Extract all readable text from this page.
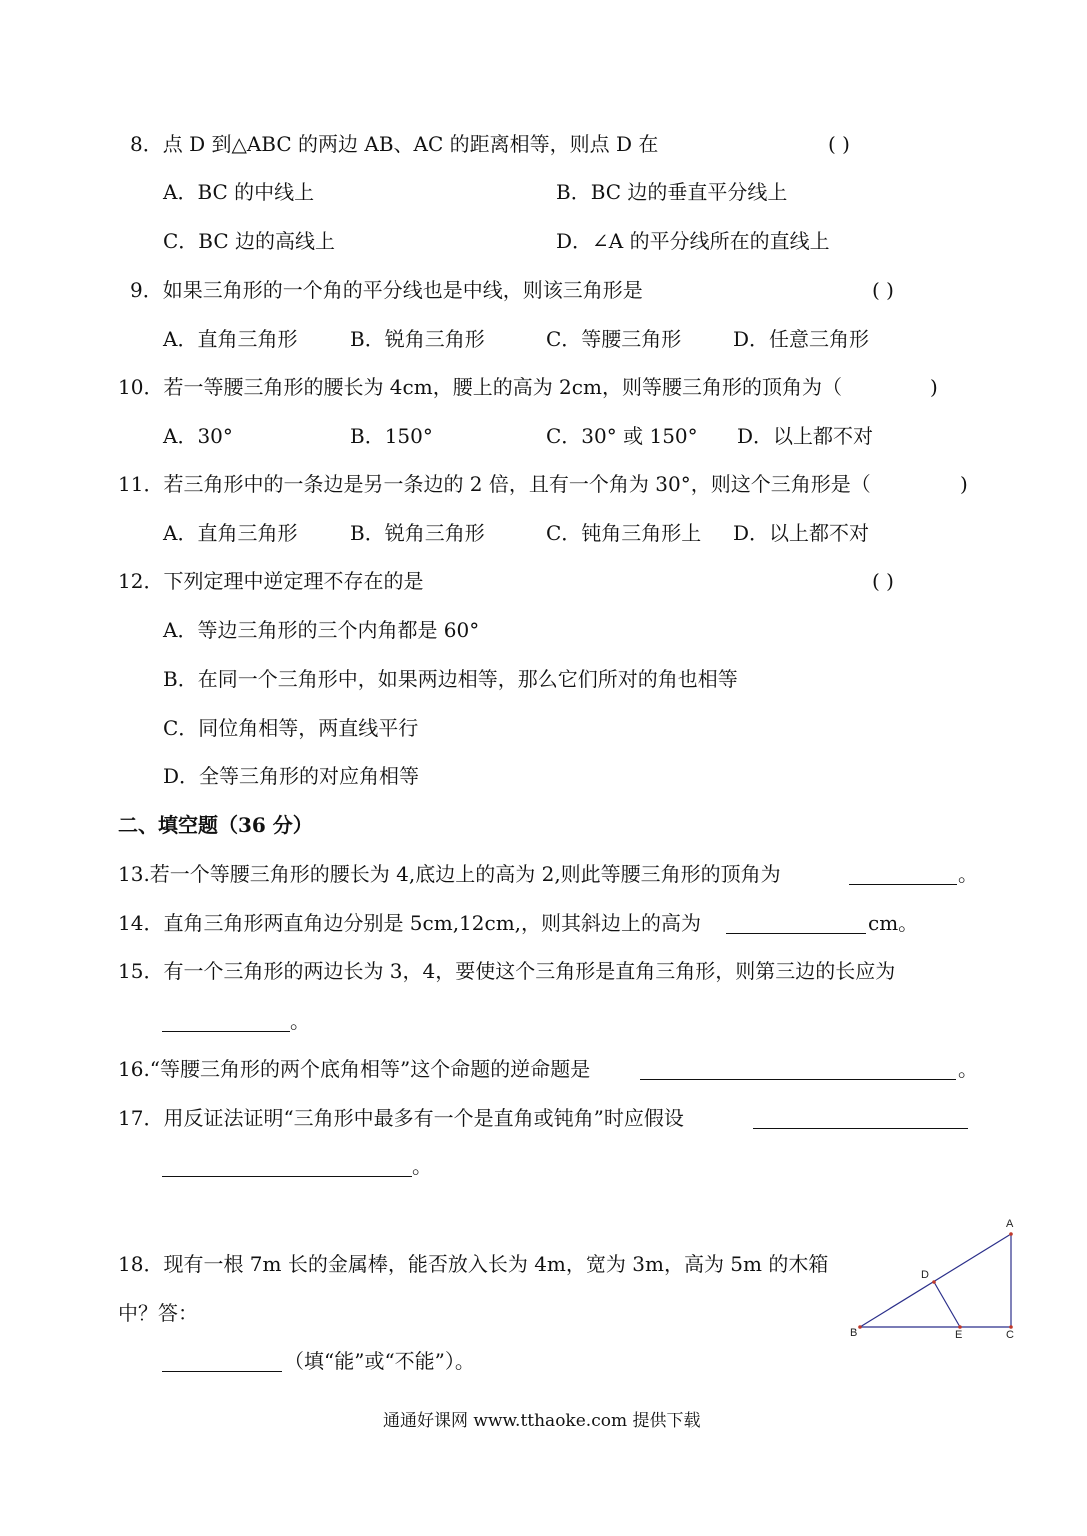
8．点 D 到△ABC 的两边 AB、AC 的距离相等，则点 D 在	( )
A．BC 的中线上	B．BC 边的垂直平分线上
C．BC 边的高线上	D．∠A 的平分线所在的直线上
9．如果三角形的一个角的平分线也是中线，则该三角形是	( )
A．直角三角形	B．锐角三角形	C．等腰三角形	D．任意三角形
10．若一等腰三角形的腰长为 4cm，腰上的高为 2cm，则等腰三角形的顶角为（	)
A．30°	B．150°	C．30° 或 150° D．以上都不对
11．若三角形中的一条边是另一条边的 2 倍，且有一个角为 30°，则这个三角形是（	)
A．直角三角形	B．锐角三角形	C．钝角三角形上 D．以上都不对
12．下列定理中逆定理不存在的是	( )
A．等边三角形的三个内角都是 60°
B．在同一个三角形中，如果两边相等，那么它们所对的角也相等
C．同位角相等，两直线平行
D．全等三角形的对应角相等
二、填空题（36 分）
13.若一个等腰三角形的腰长为 4,底边上的高为 2,则此等腰三角形的顶角为	。
14．直角三角形两直角边分别是 5cm,12cm,，则其斜边上的高为	cm。
15．有一个三角形的两边长为 3，4，要使这个三角形是直角三角形，则第三边的长应为
。
16.“等腰三角形的两个底角相等”这个命题的逆命题是	。
17．用反证法证明“三角形中最多有一个是直角或钝角”时应假设
。
18．现有一根 7m 长的金属棒，能否放入长为 4m，宽为 3m，高为 5m 的木箱
中？答：
（填“能”或“不能”）。
A
B	C
D
E
通通好课网 www.tthaoke.com 提供下载
